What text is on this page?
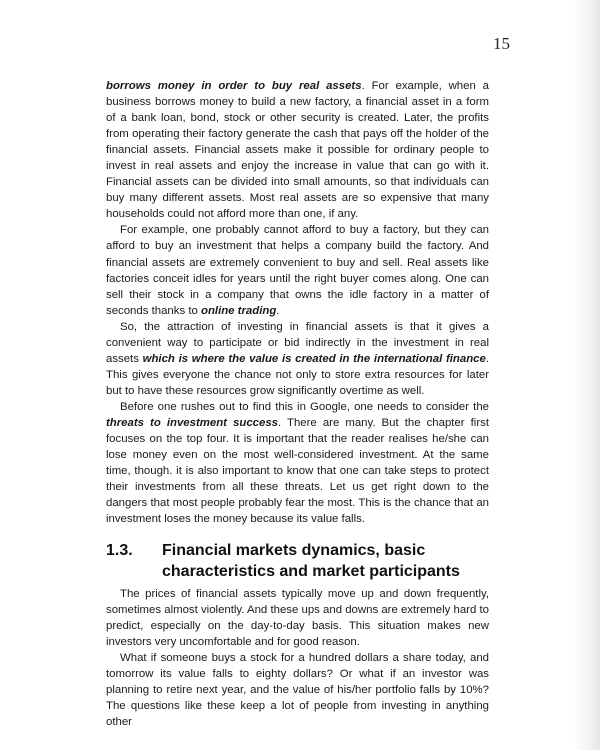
15

borrows money in order to buy real assets. For example, when a business borrows money to build a new factory, a financial asset in a form of a bank loan, bond, stock or other security is created. Later, the profits from operating their factory generate the cash that pays off the holder of the financial assets. Financial assets make it possible for ordinary people to invest in real assets and enjoy the increase in value that can go with it. Financial assets can be divided into small amounts, so that individuals can buy many different assets. Most real assets are so expensive that many households could not afford more than one, if any.

For example, one probably cannot afford to buy a factory, but they can afford to buy an investment that helps a company build the factory. And financial assets are extremely convenient to buy and sell. Real assets like factories conceit idles for years until the right buyer comes along. One can sell their stock in a company that owns the idle factory in a matter of seconds thanks to online trading.

So, the attraction of investing in financial assets is that it gives a convenient way to participate or bid indirectly in the investment in real assets which is where the value is created in the international finance. This gives everyone the chance not only to store extra resources for later but to have these resources grow significantly overtime as well.

Before one rushes out to find this in Google, one needs to consider the threats to investment success. There are many. But the chapter first focuses on the top four. It is important that the reader realises he/she can lose money even on the most well-considered investment. At the same time, though. it is also important to know that one can take steps to protect their investments from all these threats. Let us get right down to the dangers that most people probably fear the most. This is the chance that an investment loses the money because its value falls.

1.3.	Financial markets dynamics, basic characteristics and market participants

The prices of financial assets typically move up and down frequently, sometimes almost violently. And these ups and downs are extremely hard to predict, especially on the day-to-day basis. This situation makes new investors very uncomfortable and for good reason.

What if someone buys a stock for a hundred dollars a share today, and tomorrow its value falls to eighty dollars? Or what if an investor was planning to retire next year, and the value of his/her portfolio falls by 10%? The questions like these keep a lot of people from investing in anything other
